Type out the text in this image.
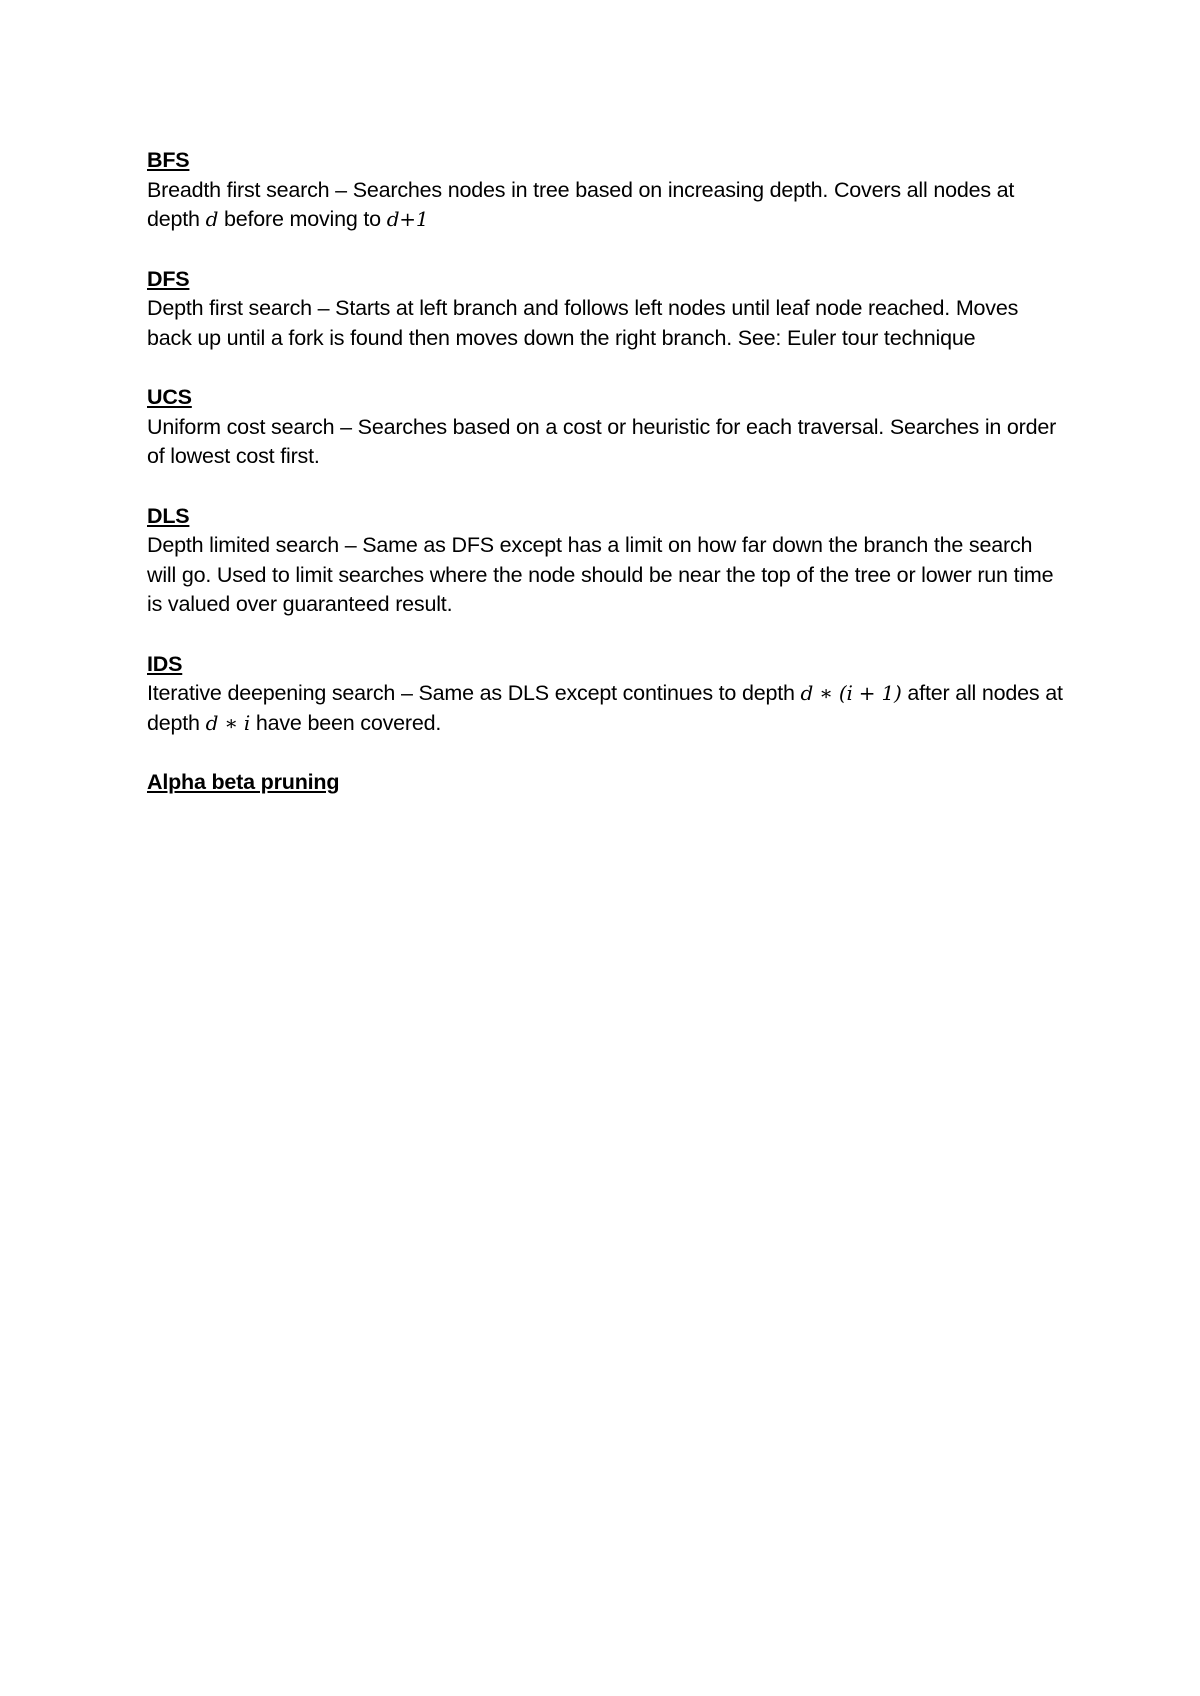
BFS
Breadth first search – Searches nodes in tree based on increasing depth. Covers all nodes at depth d before moving to d+1
DFS
Depth first search – Starts at left branch and follows left nodes until leaf node reached. Moves back up until a fork is found then moves down the right branch. See: Euler tour technique
UCS
Uniform cost search – Searches based on a cost or heuristic for each traversal. Searches in order of lowest cost first.
DLS
Depth limited search – Same as DFS except has a limit on how far down the branch the search will go. Used to limit searches where the node should be near the top of the tree or lower run time is valued over guaranteed result.
IDS
Iterative deepening search – Same as DLS except continues to depth d ∗ (i + 1) after all nodes at depth d ∗ i have been covered.
Alpha beta pruning
